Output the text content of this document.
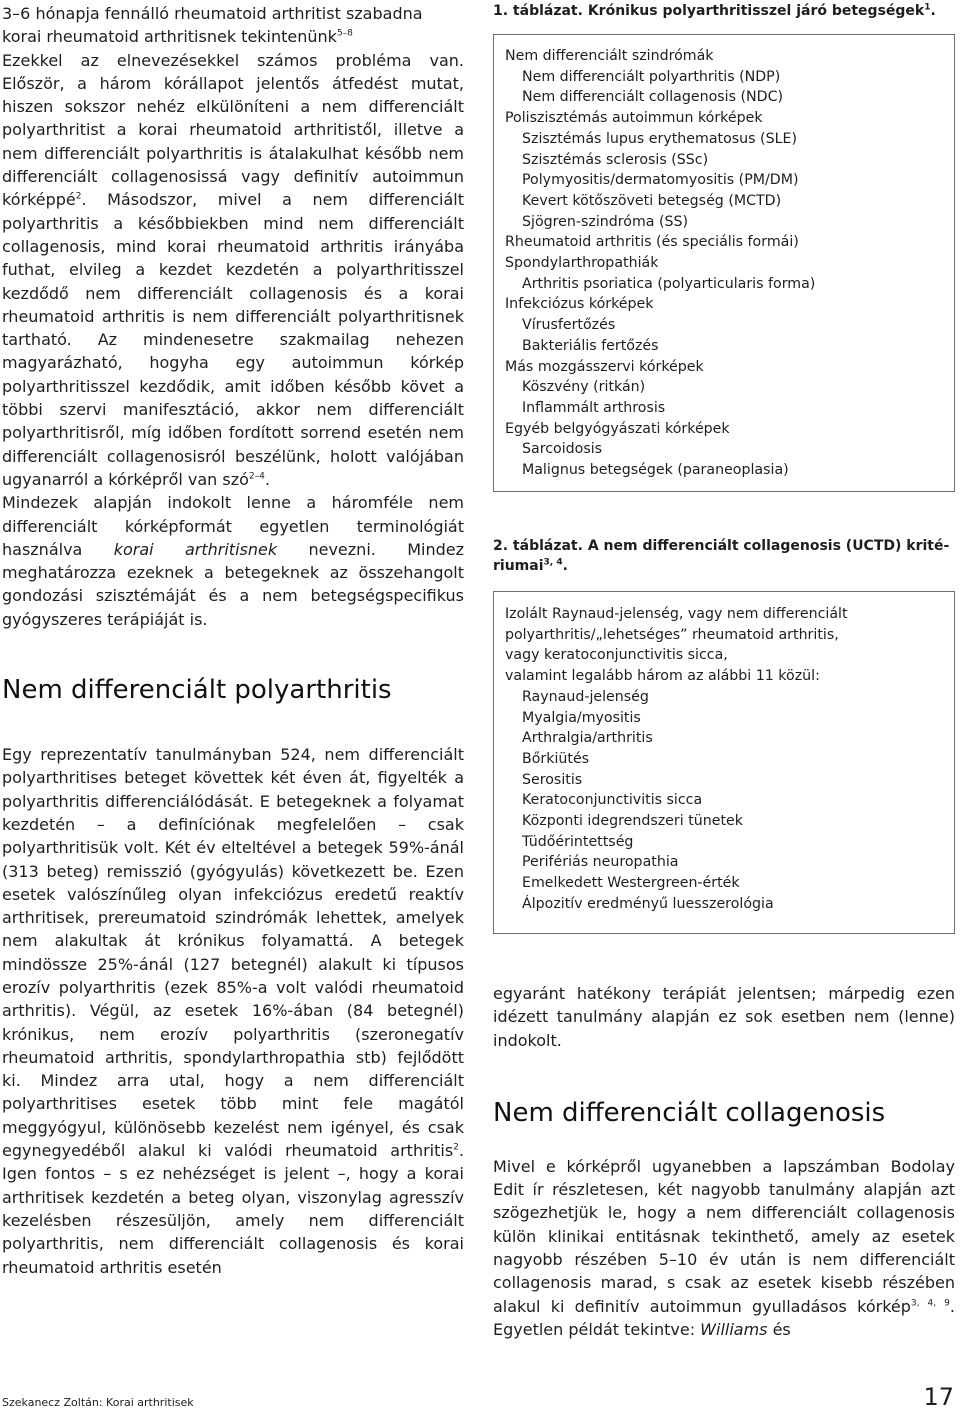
3–6 hónapja fennálló rheumatoid arthritist szabadna
korai rheumatoid arthritisnek tekintenünk$^{5-8}$

Ezekkel az elnevezésekkel számos probléma van. Először, a három kórállapot jelentős átfedést mutat, hiszen sokszor nehéz elkülöníteni a nem differenciált polyarthritist a korai rheumatoid arthritistől, illetve a nem differenciált polyarthritis is átalakulhat később nem differenciált collagenosissá vagy definitív autoimmun kórképpé$^2$. Másodszor, mivel a nem differenciált polyarthritis a későbbiekben mind nem differenciált collagenosis, mind korai rheumatoid arthritis irányába futhat, elvileg a kezdet kezdetén a polyarthritisszel kezdődő nem differenciált collagenosis és a korai rheumatoid arthritis is nem differenciált polyarthritisnek tartható. Az mindenesetre szakmailag nehezen magyarázható, hogyha egy autoimmun kórkép polyarthritisszel kezdődik, amit időben később követ a többi szervi manifesztáció, akkor nem differenciált polyarthritisről, míg időben fordított sorrend esetén nem differenciált collagenosisról beszélünk, holott valójában ugyanarról a kórképről van szó$^{2-4}$.

Mindezek alapján indokolt lenne a háromféle nem differenciált kórképformát egyetlen terminológiát használva korai arthritisnek nevezni. Mindez meghatározza ezeknek a betegeknek az összehangolt gondozási szisztémáját és a nem betegségspecifikus gyógyszeres terápiáját is.

Nem differenciált polyarthritis

Egy reprezentatív tanulmányban 524, nem differenciált polyarthritises beteget követtek két éven át, figyelték a polyarthritis differenciálódását. E betegeknek a folyamat kezdetén – a definíciónak megfelelően – csak polyarthritisük volt. Két év elteltével a betegek 59%-ánál (313 beteg) remisszió (gyógyulás) következett be. Ezen esetek valószínűleg olyan infekciózus eredetű reaktív arthritisek, prereumatoid szindrómák lehettek, amelyek nem alakultak át krónikus folyamattá. A betegek mindössze 25%-ánál (127 betegnél) alakult ki típusos erozív polyarthritis (ezek 85%-a volt valódi rheumatoid arthritis). Végül, az esetek 16%-ában (84 betegnél) krónikus, nem erozív polyarthritis (szeronegatív rheumatoid arthritis, spondylarthropathia stb) fejlődött ki. Mindez arra utal, hogy a nem differenciált polyarthritises esetek több mint fele magától meggyógyul, különösebb kezelést nem igényel, és csak egynegyedéből alakul ki valódi rheumatoid arthritis$^2$. Igen fontos – s ez nehézséget is jelent –, hogy a korai arthritisek kezdetén a beteg olyan, viszonylag agresszív kezelésben részesüljön, amely nem differenciált polyarthritis, nem differenciált collagenosis és korai rheumatoid arthritis esetén

1. táblázat. Krónikus polyarthritisszel járó betegségek$^1$.

Nem differenciált szindrómák
Nem differenciált polyarthritis (NDP)
Nem differenciált collagenosis (NDC)
Poliszisztémás autoimmun kórképek
Szisztémás lupus erythematosus (SLE)
Szisztémás sclerosis (SSc)
Polymyositis/dermatomyositis (PM/DM)
Kevert kötőszöveti betegség (MCTD)
Sjögren-szindróma (SS)
Rheumatoid arthritis (és speciális formái)
Spondylarthropathiák
Arthritis psoriatica (polyarticularis forma)
Infekciózus kórképek
Vírusfertőzés
Bakteriális fertőzés
Más mozgásszervi kórképek
Köszvény (ritkán)
Inflammált arthrosis
Egyéb belgyógyászati kórképek
Sarcoidosis
Malignus betegségek (paraneoplasia)

2. táblázat. A nem differenciált collagenosis (UCTD) krité-
riumai$^{3, 4}$.

Izolált Raynaud-jelenség, vagy nem differenciált
polyarthritis/„lehetséges” rheumatoid arthritis,
vagy keratoconjunctivitis sicca,
valamint legalább három az alábbi 11 közül:
Raynaud-jelenség
Myalgia/myositis
Arthralgia/arthritis
Bőrkiütés
Serositis
Keratoconjunctivitis sicca
Központi idegrendszeri tünetek
Tüdőérintettség
Perifériás neuropathia
Emelkedett Westergreen-érték
Álpozitív eredményű luesszerológia

egyaránt hatékony terápiát jelentsen; márpedig ezen idézett tanulmány alapján ez sok esetben nem (lenne) indokolt.

Nem differenciált collagenosis

Mivel e kórképről ugyanebben a lapszámban Bodolay Edit ír részletesen, két nagyobb tanulmány alapján azt szögezhetjük le, hogy a nem differenciált collagenosis külön klinikai entitásnak tekinthető, amely az esetek nagyobb részében 5–10 év után is nem differenciált collagenosis marad, s csak az esetek kisebb részében alakul ki definitív autoimmun gyulladásos kórkép$^{3, 4, 9}$. Egyetlen példát tekintve: Williams és

Szekanecz Zoltán: Korai arthritisek	17
